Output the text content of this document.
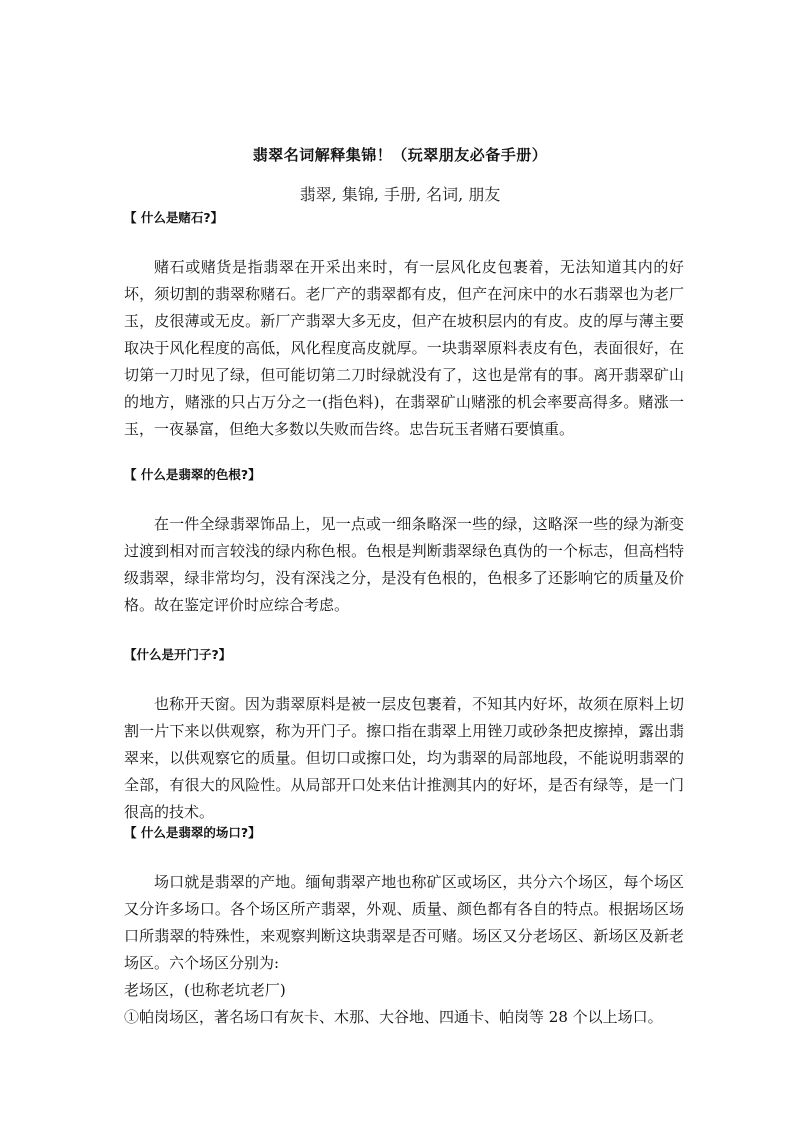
翡翠名词解释集锦！（玩翠朋友必备手册）
翡翠, 集锦, 手册, 名词, 朋友
【 什么是赌石?】
赌石或赌货是指翡翠在开采出来时，有一层风化皮包裹着，无法知道其内的好坏，须切割的翡翠称赌石。老厂产的翡翠都有皮，但产在河床中的水石翡翠也为老厂玉，皮很薄或无皮。新厂产翡翠大多无皮，但产在坡积层内的有皮。皮的厚与薄主要取决于风化程度的高低，风化程度高皮就厚。一块翡翠原料表皮有色，表面很好，在切第一刀时见了绿，但可能切第二刀时绿就没有了，这也是常有的事。离开翡翠矿山的地方，赌涨的只占万分之一(指色料)，在翡翠矿山赌涨的机会率要高得多。赌涨一玉，一夜暴富，但绝大多数以失败而告终。忠告玩玉者赌石要慎重。
【 什么是翡翠的色根?】
在一件全绿翡翠饰品上，见一点或一细条略深一些的绿，这略深一些的绿为渐变过渡到相对而言较浅的绿内称色根。色根是判断翡翠绿色真伪的一个标志，但高档特级翡翠，绿非常均匀，没有深浅之分，是没有色根的，色根多了还影响它的质量及价格。故在鉴定评价时应综合考虑。
【什么是开门子?】
也称开天窗。因为翡翠原料是被一层皮包裹着，不知其内好坏，故须在原料上切割一片下来以供观察，称为开门子。擦口指在翡翠上用锉刀或砂条把皮擦掉，露出翡翠来，以供观察它的质量。但切口或擦口处，均为翡翠的局部地段，不能说明翡翠的全部，有很大的风险性。从局部开口处来估计推测其内的好坏，是否有绿等，是一门很高的技术。
【 什么是翡翠的场口?】
场口就是翡翠的产地。缅甸翡翠产地也称矿区或场区，共分六个场区，每个场区又分许多场口。各个场区所产翡翠，外观、质量、颜色都有各自的特点。根据场区场口所翡翠的特殊性，来观察判断这块翡翠是否可赌。场区又分老场区、新场区及新老场区。六个场区分别为:
老场区，(也称老坑老厂)
①帕岗场区，著名场口有灰卡、木那、大谷地、四通卡、帕岗等 28 个以上场口。
